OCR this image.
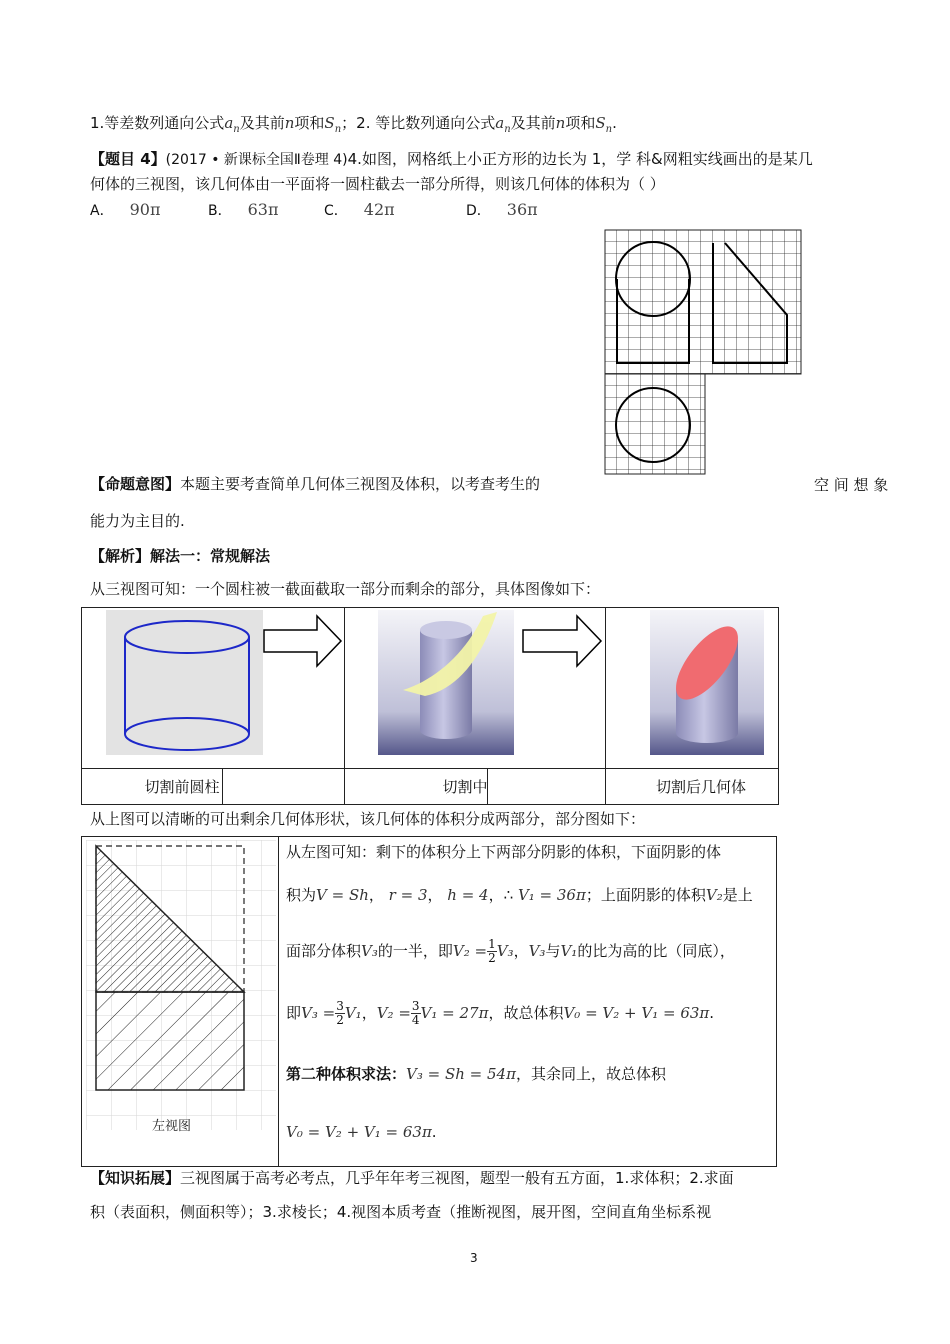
1.等差数列通向公式$a_n$及其前n项和$S_n$；2. 等比数列通向公式$a_n$及其前n项和$S_n$.
【题目 4】(2017 • 新课标全国Ⅱ卷理 4)4.如图，网格纸上小正方形的边长为 1，学 科&网粗实线画出的是某几
何体的三视图，该几何体由一平面将一圆柱截去一部分所得，则该几何体的体积为（ ）
A． 90π	B． 63π	C． 42π	D． 36π
【命题意图】本题主要考查简单几何体三视图及体积，以考查考生的	空 间 想 象
能力为主目的.
【解析】解法一：常规解法
从三视图可知：一个圆柱被一截面截取一部分而剩余的部分，具体图像如下：

切割前圆柱	切割中	切割后几何体
从上图可以清晰的可出剩余几何体形状，该几何体的体积分成两部分，部分图如下：
左视图
从左图可知：剩下的体积分上下两部分阴影的体积，下面阴影的体
积为V = Sh， r = 3， h = 4，∴ V₁ = 36π；上面阴影的体积V₂是上
面部分体积V₃的一半，即$V_2 = \frac{1}{2} V_3$，V₃与V₁的比为高的比（同底），
即$V_3 = \frac{3}{2} V_1$，$V_2 = \frac{3}{4} V_1 = 27\pi$，故总体积V₀ = V₂ + V₁ = 63π.
第二种体积求法：V₃ = Sh = 54π，其余同上，故总体积
V₀ = V₂ + V₁ = 63π.
【知识拓展】三视图属于高考必考点，几乎年年考三视图，题型一般有五方面，1.求体积；2.求面
积（表面积，侧面积等）；3.求棱长；4.视图本质考查（推断视图，展开图，空间直角坐标系视
3
